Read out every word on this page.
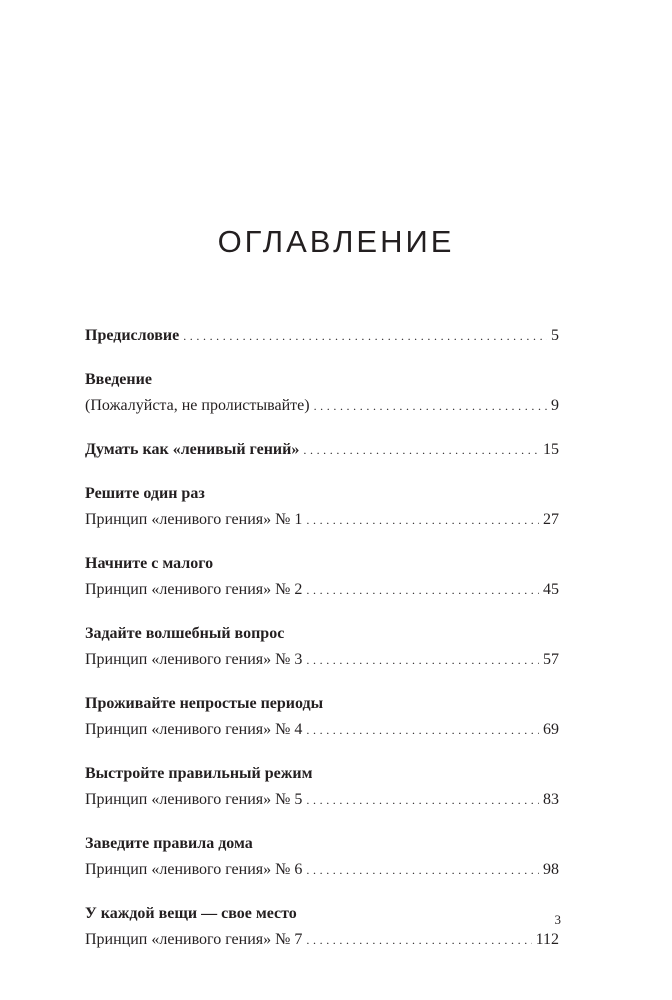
ОГЛАВЛЕНИЕ
Предисловие . . .	5
Введение
(Пожалуйста, не пролистывайте) . . .	9
Думать как «ленивый гений» . . .	15
Решите один раз
Принцип «ленивого гения» № 1 . . .	27
Начните с малого
Принцип «ленивого гения» № 2 . . .	45
Задайте волшебный вопрос
Принцип «ленивого гения» № 3 . . .	57
Проживайте непростые периоды
Принцип «ленивого гения» № 4 . . .	69
Выстройте правильный режим
Принцип «ленивого гения» № 5 . . .	83
Заведите правила дома
Принцип «ленивого гения» № 6 . . .	98
У каждой вещи — свое место
Принцип «ленивого гения» № 7 . . .	112
3
